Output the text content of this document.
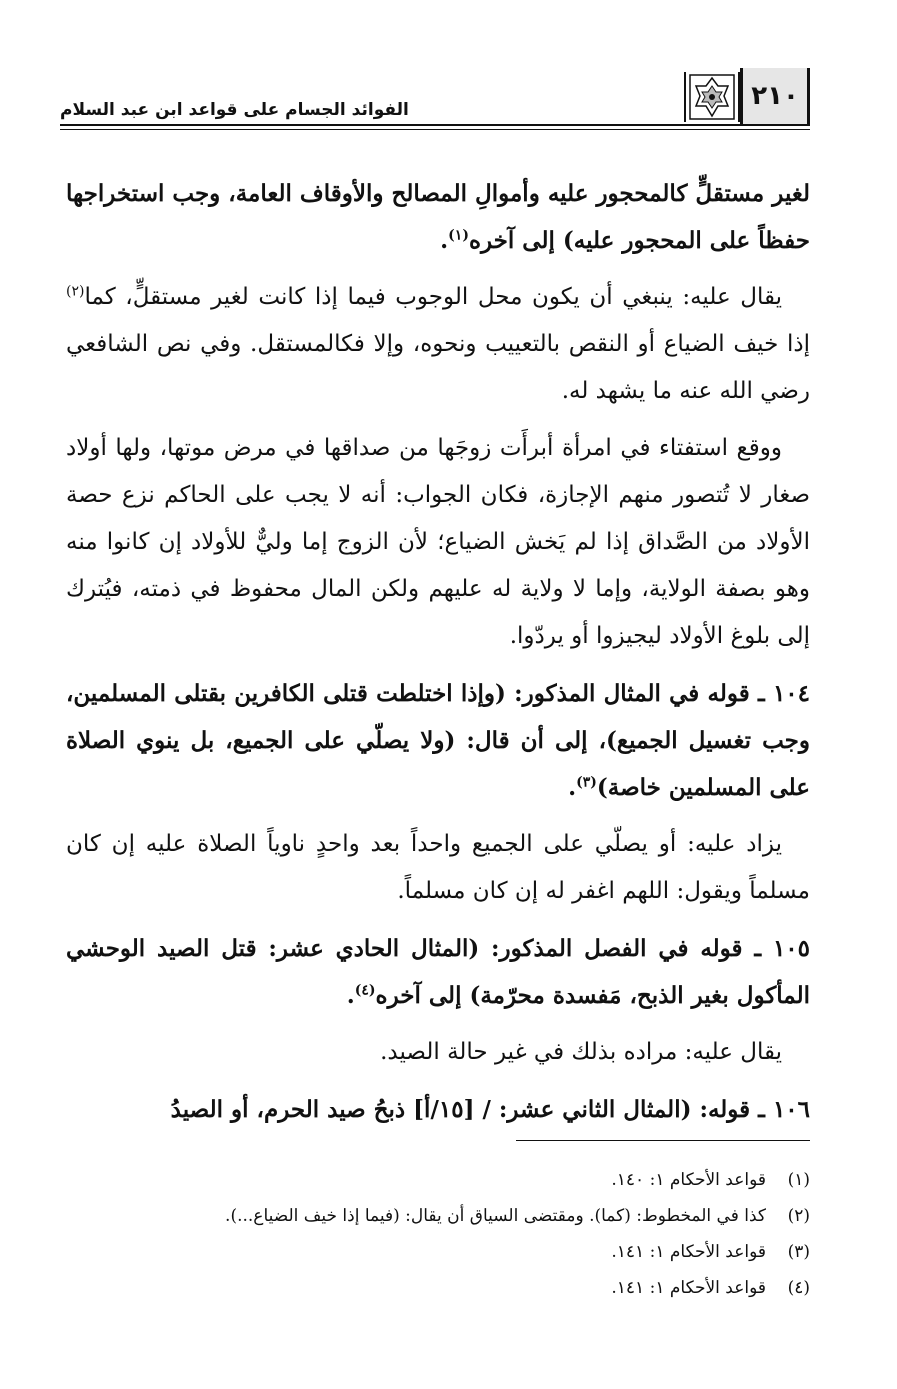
٢١٠
الفوائد الجسام على قواعد ابن عبد السلام

لغير مستقلٍّ كالمحجور عليه وأموالِ المصالح والأوقاف العامة، وجب استخراجها حفظاً على المحجور عليه) إلى آخره$^{(١)}$.

يقال عليه: ينبغي أن يكون محل الوجوب فيما إذا كانت لغير مستقلٍّ، كما$^{(٢)}$ إذا خيف الضياع أو النقص بالتعييب ونحوه، وإلا فكالمستقل. وفي نص الشافعي رضي الله عنه ما يشهد له.

ووقع استفتاء في امرأة أبرأَت زوجَها من صداقها في مرض موتها، ولها أولاد صغار لا تُتصور منهم الإجازة، فكان الجواب: أنه لا يجب على الحاكم نزع حصة الأولاد من الصَّداق إذا لم يَخش الضياع؛ لأن الزوج إما وليٌّ للأولاد إن كانوا منه وهو بصفة الولاية، وإما لا ولاية له عليهم ولكن المال محفوظ في ذمته، فيُترك إلى بلوغ الأولاد ليجيزوا أو يردّوا.

١٠٤ ـ قوله في المثال المذكور: (وإذا اختلطت قتلى الكافرين بقتلى المسلمين، وجب تغسيل الجميع)، إلى أن قال: (ولا يصلّي على الجميع، بل ينوي الصلاة على المسلمين خاصة)$^{(٣)}$.

يزاد عليه: أو يصلّي على الجميع واحداً بعد واحدٍ ناوياً الصلاة عليه إن كان مسلماً ويقول: اللهم اغفر له إن كان مسلماً.

١٠٥ ـ قوله في الفصل المذكور: (المثال الحادي عشر: قتل الصيد الوحشي المأكول بغير الذبح، مَفسدة محرّمة) إلى آخره$^{(٤)}$.

يقال عليه: مراده بذلك في غير حالة الصيد.

١٠٦ ـ قوله: (المثال الثاني عشر: / [١٥/أ] ذبحُ صيد الحرم، أو الصيدُ

(١)قواعد الأحكام ١: ١٤٠.
(٢)كذا في المخطوط: (كما). ومقتضى السياق أن يقال: (فيما إذا خيف الضياع...).
(٣)قواعد الأحكام ١: ١٤١.
(٤)قواعد الأحكام ١: ١٤١.
